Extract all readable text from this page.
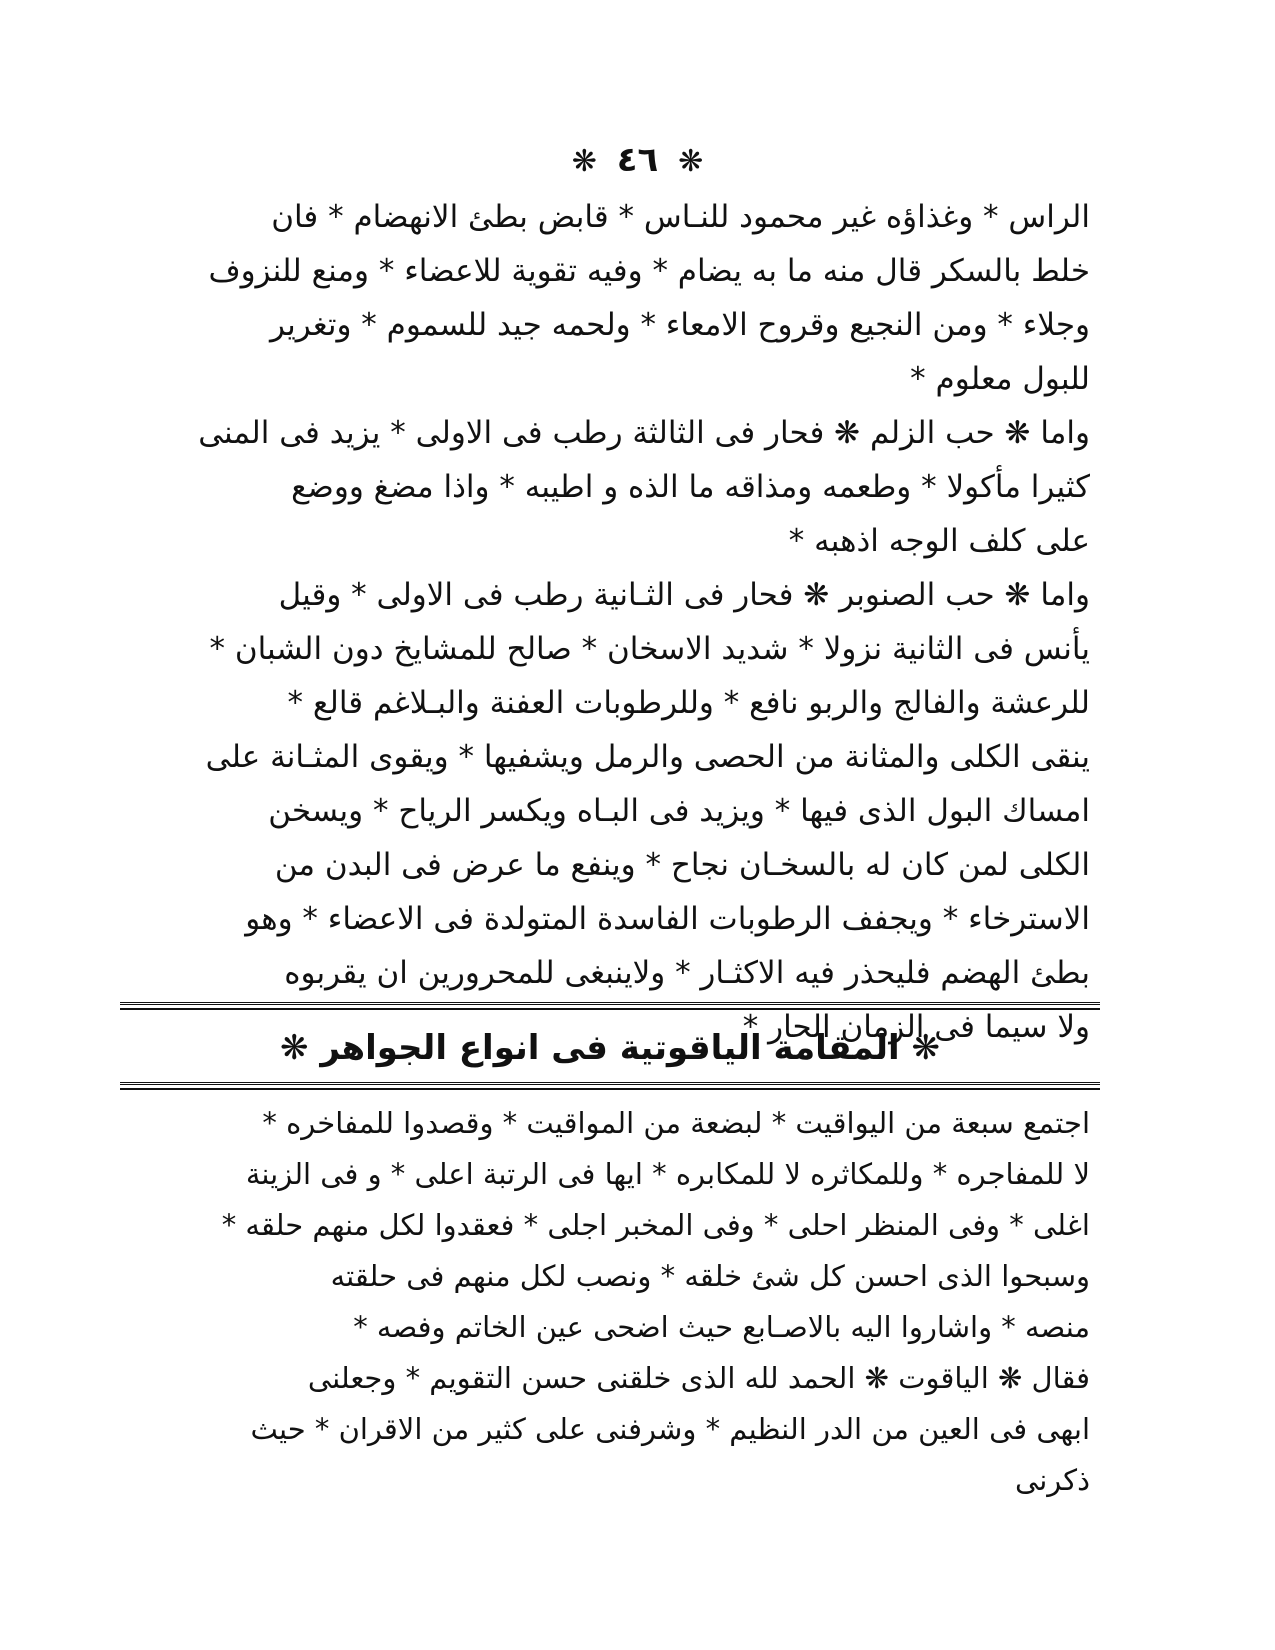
❋ ٤٦ ❋
الراس * وغذاؤه غير محمود للنـاس * قابض بطئ الانهضام * فان
خلط بالسكر قال منه ما به يضام * وفيه تقوية للاعضاء * ومنع للنزوف
وجلاء * ومن النجيع وقروح الامعاء * ولحمه جيد للسموم * وتغرير
للبول معلوم *
واما ❋ حب الزلم ❋ فحار فى الثالثة رطب فى الاولى * يزيد فى المنى
كثيرا مأكولا * وطعمه ومذاقه ما الذه و اطيبه * واذا مضغ ووضع
على كلف الوجه اذهبه *
واما ❋ حب الصنوبر ❋ فحار فى الثـانية رطب فى الاولى * وقيل
يأنس فى الثانية نزولا * شديد الاسخان * صالح للمشايخ دون الشبان *
للرعشة والفالج والربو نافع * وللرطوبات العفنة والبـلاغم قالع *
ينقى الكلى والمثانة من الحصى والرمل ويشفيها * ويقوى المثـانة على
امساك البول الذى فيها * ويزيد فى البـاه ويكسر الرياح * ويسخن
الكلى لمن كان له بالسخـان نجاح * وينفع ما عرض فى البدن من
الاسترخاء * ويجفف الرطوبات الفاسدة المتولدة فى الاعضاء * وهو
بطئ الهضم فليحذر فيه الاكثـار * ولاينبغى للمحرورين ان يقربوه
ولا سيما فى الزمان الحار *
❋ المقامة الياقوتية فى انواع الجواهر ❋
اجتمع سبعة من اليواقيت * لبضعة من المواقيت * وقصدوا للمفاخره *
لا للمفاجره * وللمكاثره لا للمكابره * ايها فى الرتبة اعلى * و فى الزينة
اغلى * وفى المنظر احلى * وفى المخبر اجلى * فعقدوا لكل منهم حلقه *
وسبحوا الذى احسن كل شئ خلقه * ونصب لكل منهم فى حلقته
منصه * واشاروا اليه بالاصـابع حيث اضحى عين الخاتم وفصه *
فقال ❋ الياقوت ❋ الحمد لله الذى خلقنى حسن التقويم * وجعلنى
ابهى فى العين من الدر النظيم * وشرفنى على كثير من الاقران * حيث
ذكرنى
